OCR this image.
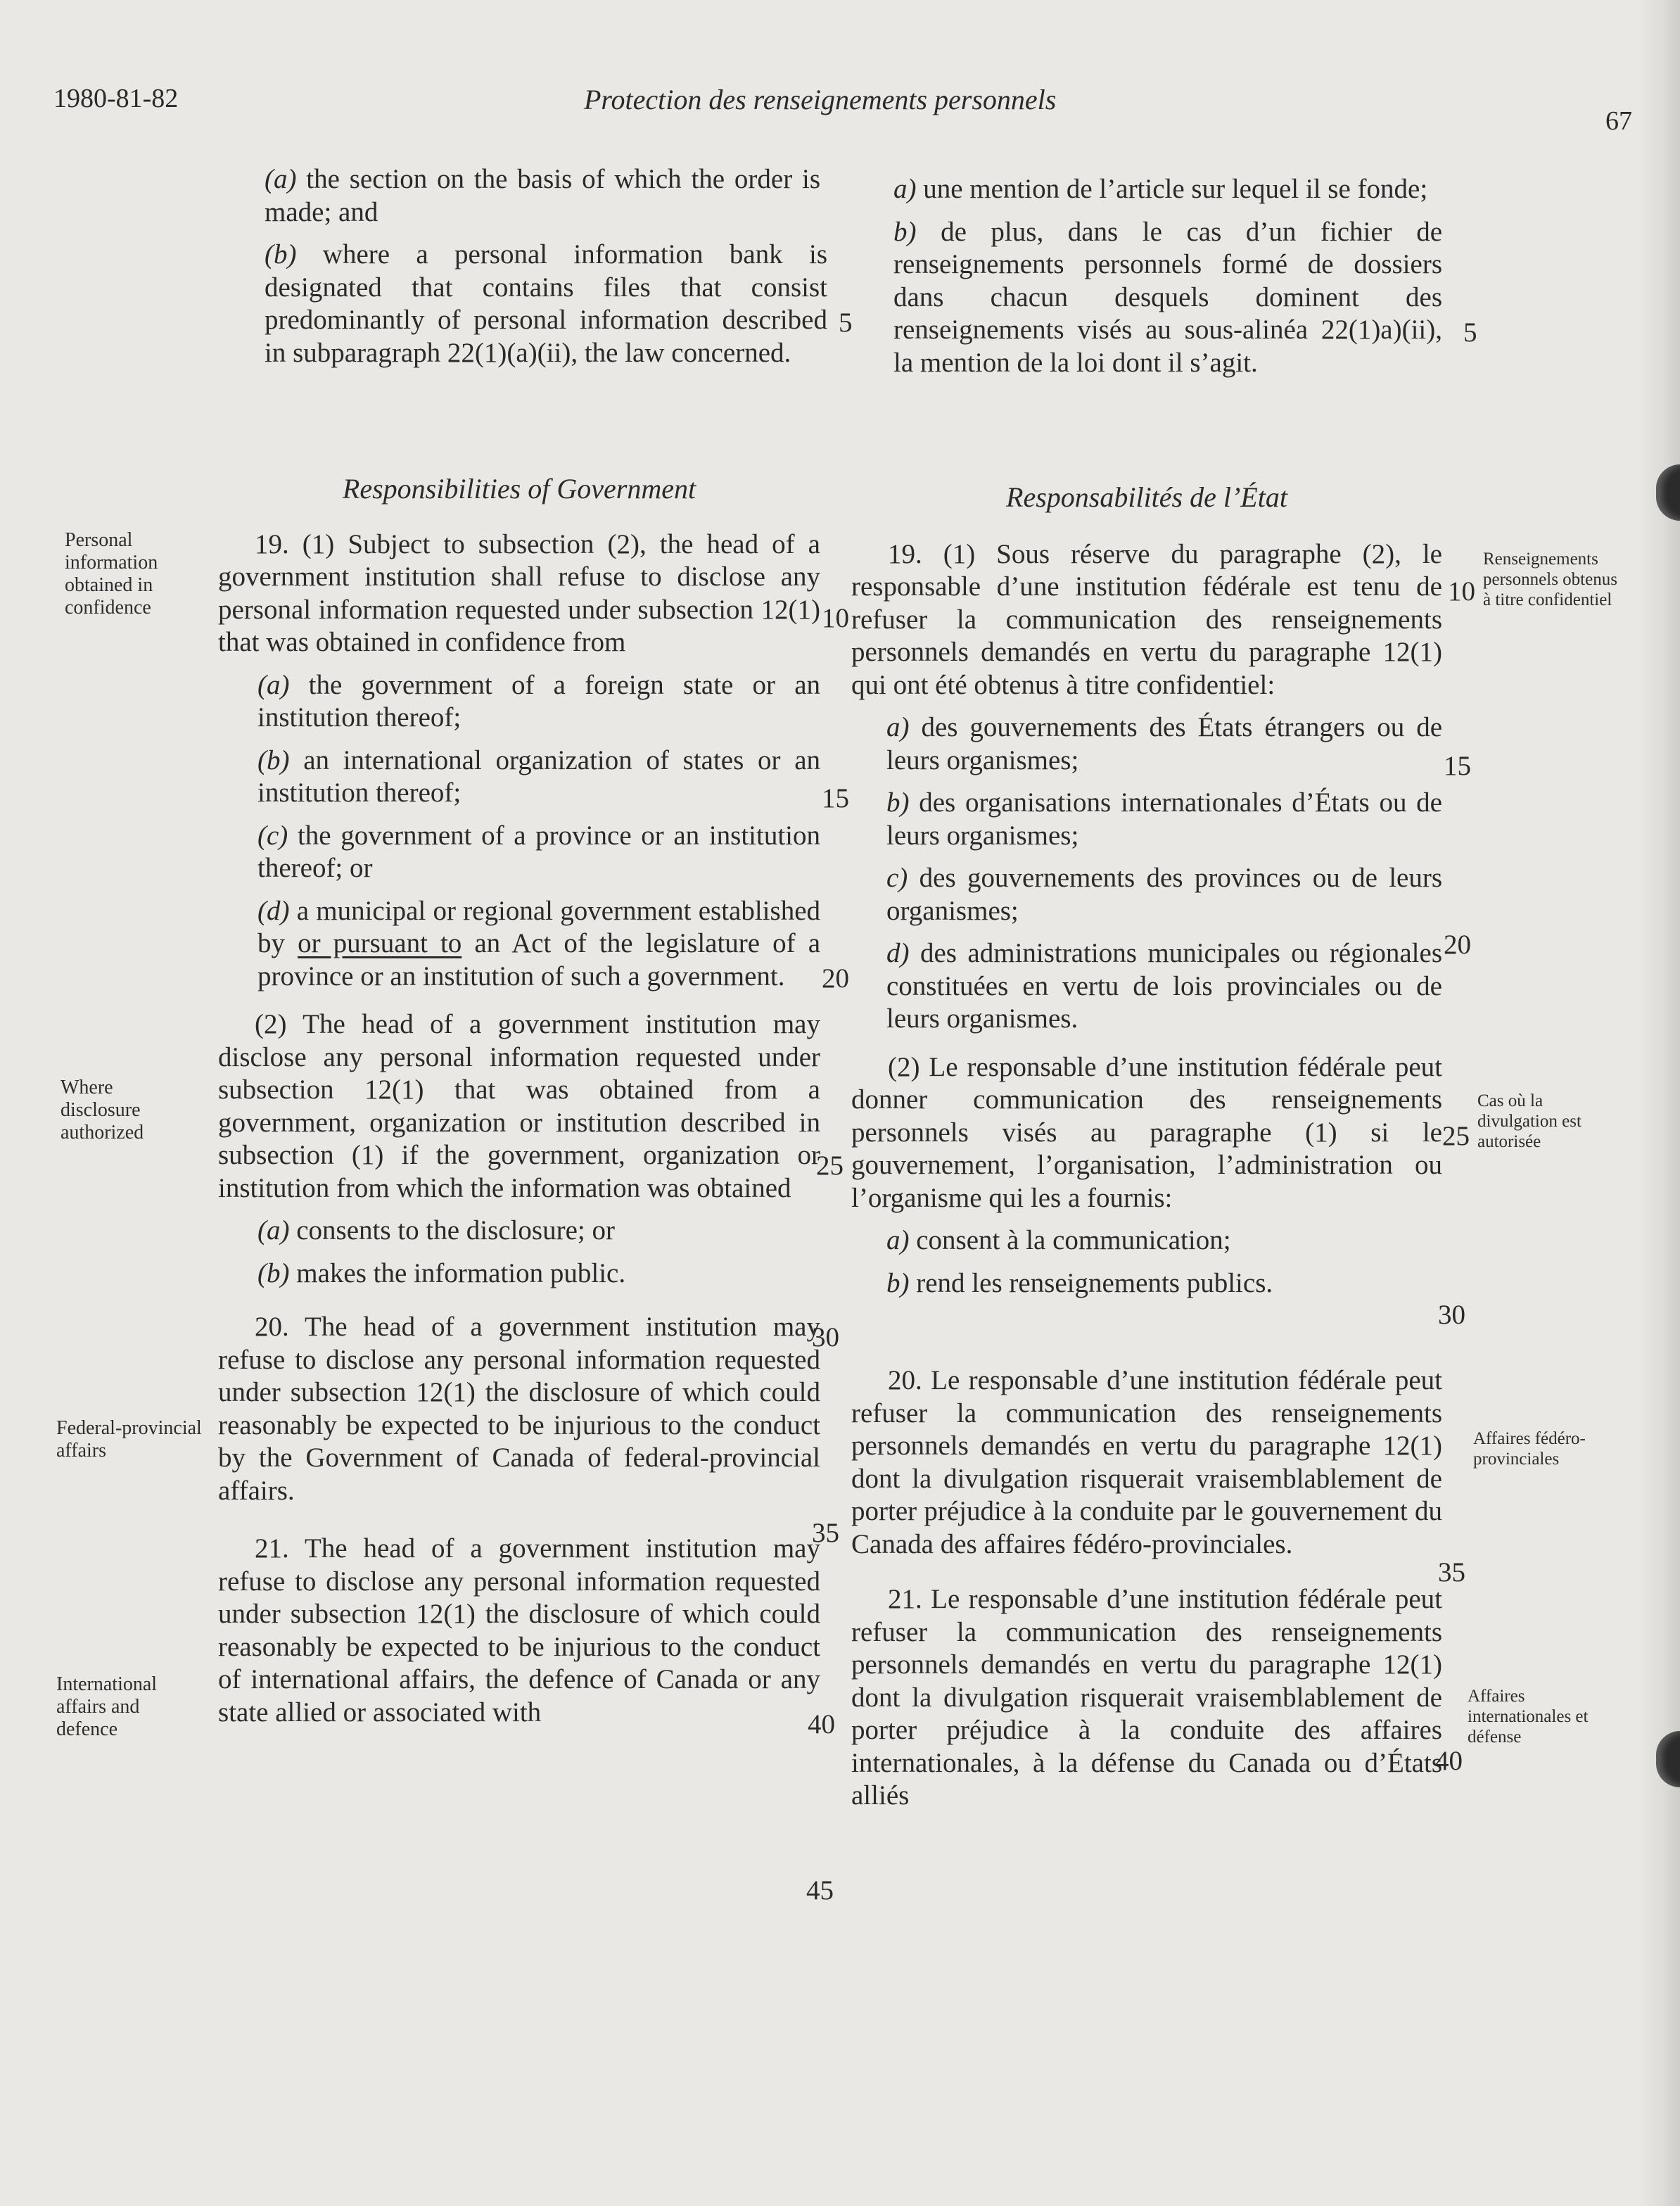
1980-81-82	Protection des renseignements personnels
67
Personal information obtained in confidence
Where disclosure authorized
Federal-provincial affairs
International affairs and defence
Renseignements personnels obtenus à titre confidentiel
Cas où la divulgation est autorisée
Affaires fédéro-provinciales
Affaires internationales et défense

(a) the section on the basis of which the order is made; and

(b) where a personal information bank is designated that contains files that consist predominantly of personal information described in subparagraph 22(1)(a)(ii), the law concerned.

Responsibilities of Government

19. (1) Subject to subsection (2), the head of a government institution shall refuse to disclose any personal information requested under subsection 12(1) that was obtained in confidence from

(a) the government of a foreign state or an institution thereof;

(b) an international organization of states or an institution thereof;

(c) the government of a province or an institution thereof; or

(d) a municipal or regional government established by or pursuant to an Act of the legislature of a province or an institution of such a government.

(2) The head of a government institution may disclose any personal information requested under subsection 12(1) that was obtained from a government, organization or institution described in subsection (1) if the government, organization or institution from which the information was obtained

(a) consents to the disclosure; or

(b) makes the information public.

20. The head of a government institution may refuse to disclose any personal information requested under subsection 12(1) the disclosure of which could reasonably be expected to be injurious to the conduct by the Government of Canada of federal-provincial affairs.

21. The head of a government institution may refuse to disclose any personal information requested under subsection 12(1) the disclosure of which could reasonably be expected to be injurious to the conduct of international affairs, the defence of Canada or any state allied or associated with

a) une mention de l’article sur lequel il se fonde;

b) de plus, dans le cas d’un fichier de renseignements personnels formé de dossiers dans chacun desquels dominent des renseignements visés au sous-alinéa 22(1)a)(ii), la mention de la loi dont il s’agit.

Responsabilités de l’État

19. (1) Sous réserve du paragraphe (2), le responsable d’une institution fédérale est tenu de refuser la communication des renseignements personnels demandés en vertu du paragraphe 12(1) qui ont été obtenus à titre confidentiel:

a) des gouvernements des États étrangers ou de leurs organismes;

b) des organisations internationales d’États ou de leurs organismes;

c) des gouvernements des provinces ou de leurs organismes;

d) des administrations municipales ou régionales constituées en vertu de lois provinciales ou de leurs organismes.

(2) Le responsable d’une institution fédérale peut donner communication des renseignements personnels visés au paragraphe (1) si le gouvernement, l’organisation, l’administration ou l’organisme qui les a fournis:

a) consent à la communication;

b) rend les renseignements publics.

20. Le responsable d’une institution fédérale peut refuser la communication des renseignements personnels demandés en vertu du paragraphe 12(1) dont la divulgation risquerait vraisemblablement de porter préjudice à la conduite par le gouvernement du Canada des affaires fédéro-provinciales.

21. Le responsable d’une institution fédérale peut refuser la communication des renseignements personnels demandés en vertu du paragraphe 12(1) dont la divulgation risquerait vraisemblablement de porter préjudice à la conduite des affaires internationales, à la défense du Canada ou d’États alliés

5
10
15
20
25
30
35
40
45
5
10
15
20
25
30
35
40
